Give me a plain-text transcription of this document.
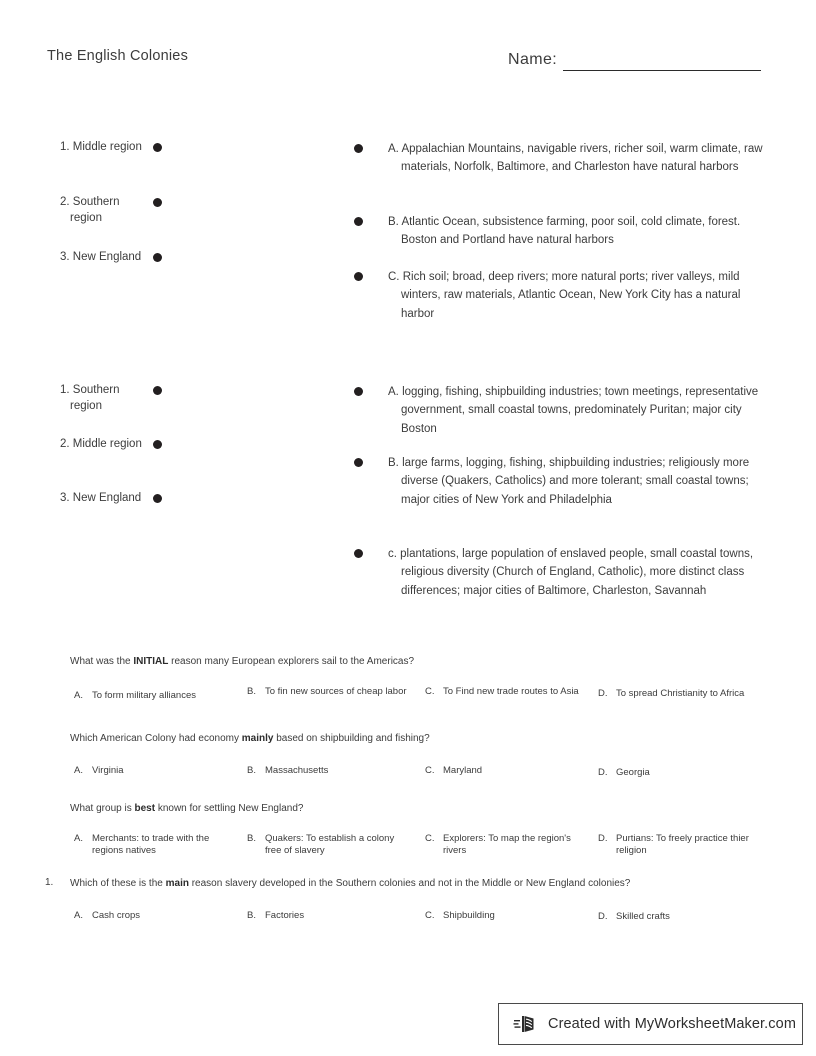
The English Colonies	Name:
1. Middle region
2. Southern region
3. New England
A. Appalachian Mountains, navigable rivers, richer soil, warm climate, raw materials, Norfolk, Baltimore, and Charleston have natural harbors
B. Atlantic Ocean, subsistence farming, poor soil, cold climate, forest. Boston and Portland have natural harbors
C. Rich soil; broad, deep rivers; more natural ports; river valleys, mild winters, raw materials, Atlantic Ocean, New York City has a natural harbor
1. Southern region
2. Middle region
3. New England
A. logging, fishing, shipbuilding industries; town meetings, representative government, small coastal towns, predominately Puritan; major city Boston
B. large farms, logging, fishing, shipbuilding industries; religiously more diverse (Quakers, Catholics) and more tolerant; small coastal towns; major cities of New York and Philadelphia
c. plantations, large population of enslaved people, small coastal towns, religious diversity (Church of England, Catholic), more distinct class differences; major cities of Baltimore, Charleston, Savannah
What was the INITIAL reason many European explorers sail to the Americas?
A. To form military alliances	B. To fin new sources of cheap labor C. To Find new trade routes to Asia D. To spread Christianity to Africa
Which American Colony had economy mainly based on shipbuilding and fishing?
A. Virginia	B. Massachusetts	C. Maryland	D. Georgia
What group is best known for settling New England?
A. Merchants: to trade with the regions natives
B. Quakers: To establish a colony free of slavery
C. Explorers: To map the region's rivers
D. Purtians: To freely practice thier religion
1. Which of these is the main reason slavery developed in the Southern colonies and not in the Middle or New England colonies?
A. Cash crops	B. Factories	C. Shipbuilding	D. Skilled crafts
Created with MyWorksheetMaker.com
